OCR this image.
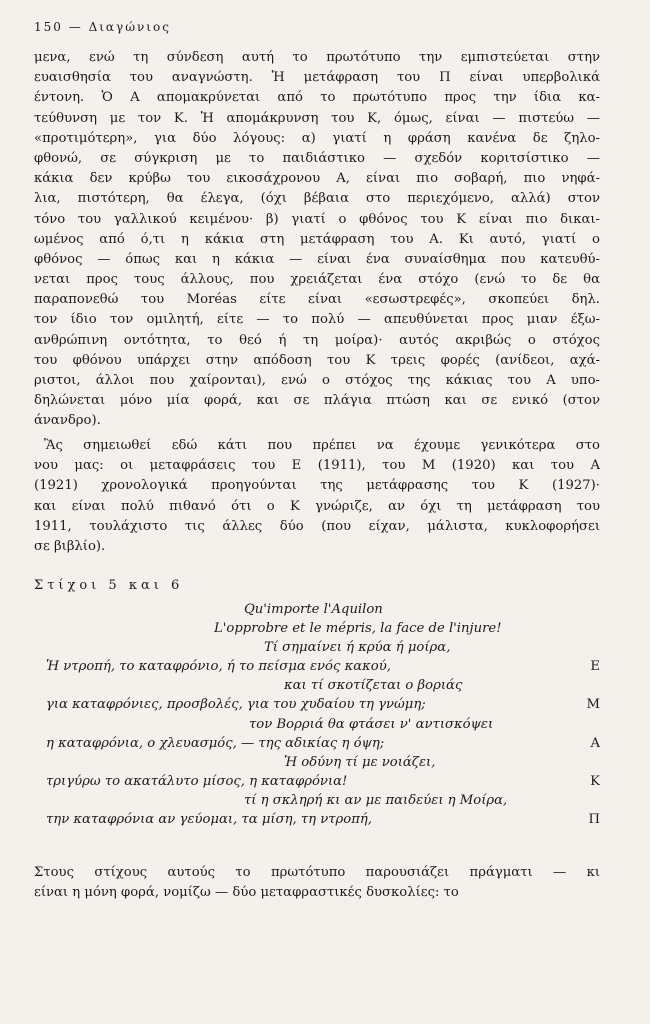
150 — Διαγώνιος

μενα, ενώ τη σύνδεση αυτή το πρωτότυπο την εμπιστεύεται στην
ευαισθησία του αναγνώστη. Ἡ μετάφραση του Π είναι υπερβολικά
έντονη. Ὁ Α απομακρύνεται από το πρωτότυπο προς την ίδια κα-
τεύθυνση με τον Κ. Ἡ απομάκρυνση του Κ, όμως, είναι — πιστεύω —
«προτιμότερη», για δύο λόγους: α) γιατί η φράση κανένα δε ζηλο-
φθονώ, σε σύγκριση με το παιδιάστικο — σχεδόν κοριτσίστικο —
κάκια δεν κρύβω του εικοσάχρονου Α, είναι πιο σοβαρή, πιο νηφά-
λια, πιστότερη, θα έλεγα, (όχι βέβαια στο περιεχόμενο, αλλά) στον
τόνο του γαλλικού κειμένου· β) γιατί ο φθόνος του Κ είναι πιο δικαι-
ωμένος από ό,τι η κάκια στη μετάφραση του Α. Κι αυτό, γιατί ο
φθόνος — όπως και η κάκια — είναι ένα συναίσθημα που κατευθύ-
νεται προς τους άλλους, που χρειάζεται ένα στόχο (ενώ το δε θα
παραπονεθώ του Moréas είτε είναι «εσωστρεφές», σκοπεύει δηλ.
τον ίδιο τον ομιλητή, είτε — το πολύ — απευθύνεται προς μιαν έξω-
ανθρώπινη οντότητα, το θεό ή τη μοίρα)· αυτός ακριβώς ο στόχος
του φθόνου υπάρχει στην απόδοση του Κ τρεις φορές (ανίδεοι, αχά-
ριστοι, άλλοι που χαίρονται), ενώ ο στόχος της κάκιας του Α υπο-
δηλώνεται μόνο μία φορά, και σε πλάγια πτώση και σε ενικό (στον
άνανδρο).

Ἂς σημειωθεί εδώ κάτι που πρέπει να έχουμε γενικότερα στο
νου μας: οι μεταφράσεις του Ε (1911), του Μ (1920) και του Α
(1921) χρονολογικά προηγούνται της μετάφρασης του Κ (1927)·
και είναι πολύ πιθανό ότι ο Κ γνώριζε, αν όχι τη μετάφραση του
1911, τουλάχιστο τις άλλες δύο (που είχαν, μάλιστα, κυκλοφορήσει
σε βιβλίο).

Στίχοι 5 και 6
Qu'importe l'Aquilon
L'opprobre et le mépris, la face de l'injure!
Τί σημαίνει ή κρύα ή μοίρα,
Ἡ ντροπή, το καταφρόνιο, ή το πείσμα ενός κακού,	Ε
και τί σκοτίζεται ο βοριάς
για καταφρόνιες, προσβολές, για του χυδαίου τη γνώμη;	Μ
τον Βορριά θα φτάσει ν' αντισκόψει
η καταφρόνια, ο χλευασμός, — της αδικίας η όψη;	Α
Ἡ οδύνη τί με νοιάζει,
τριγύρω το ακατάλυτο μίσος, η καταφρόνια!	Κ
τί η σκληρή κι αν με παιδεύει η Μοίρα,
την καταφρόνια αν γεύομαι, τα μίση, τη ντροπή,	Π

Στους στίχους αυτούς το πρωτότυπο παρουσιάζει πράγματι — κι
είναι η μόνη φορά, νομίζω — δύο μεταφραστικές δυσκολίες: το
